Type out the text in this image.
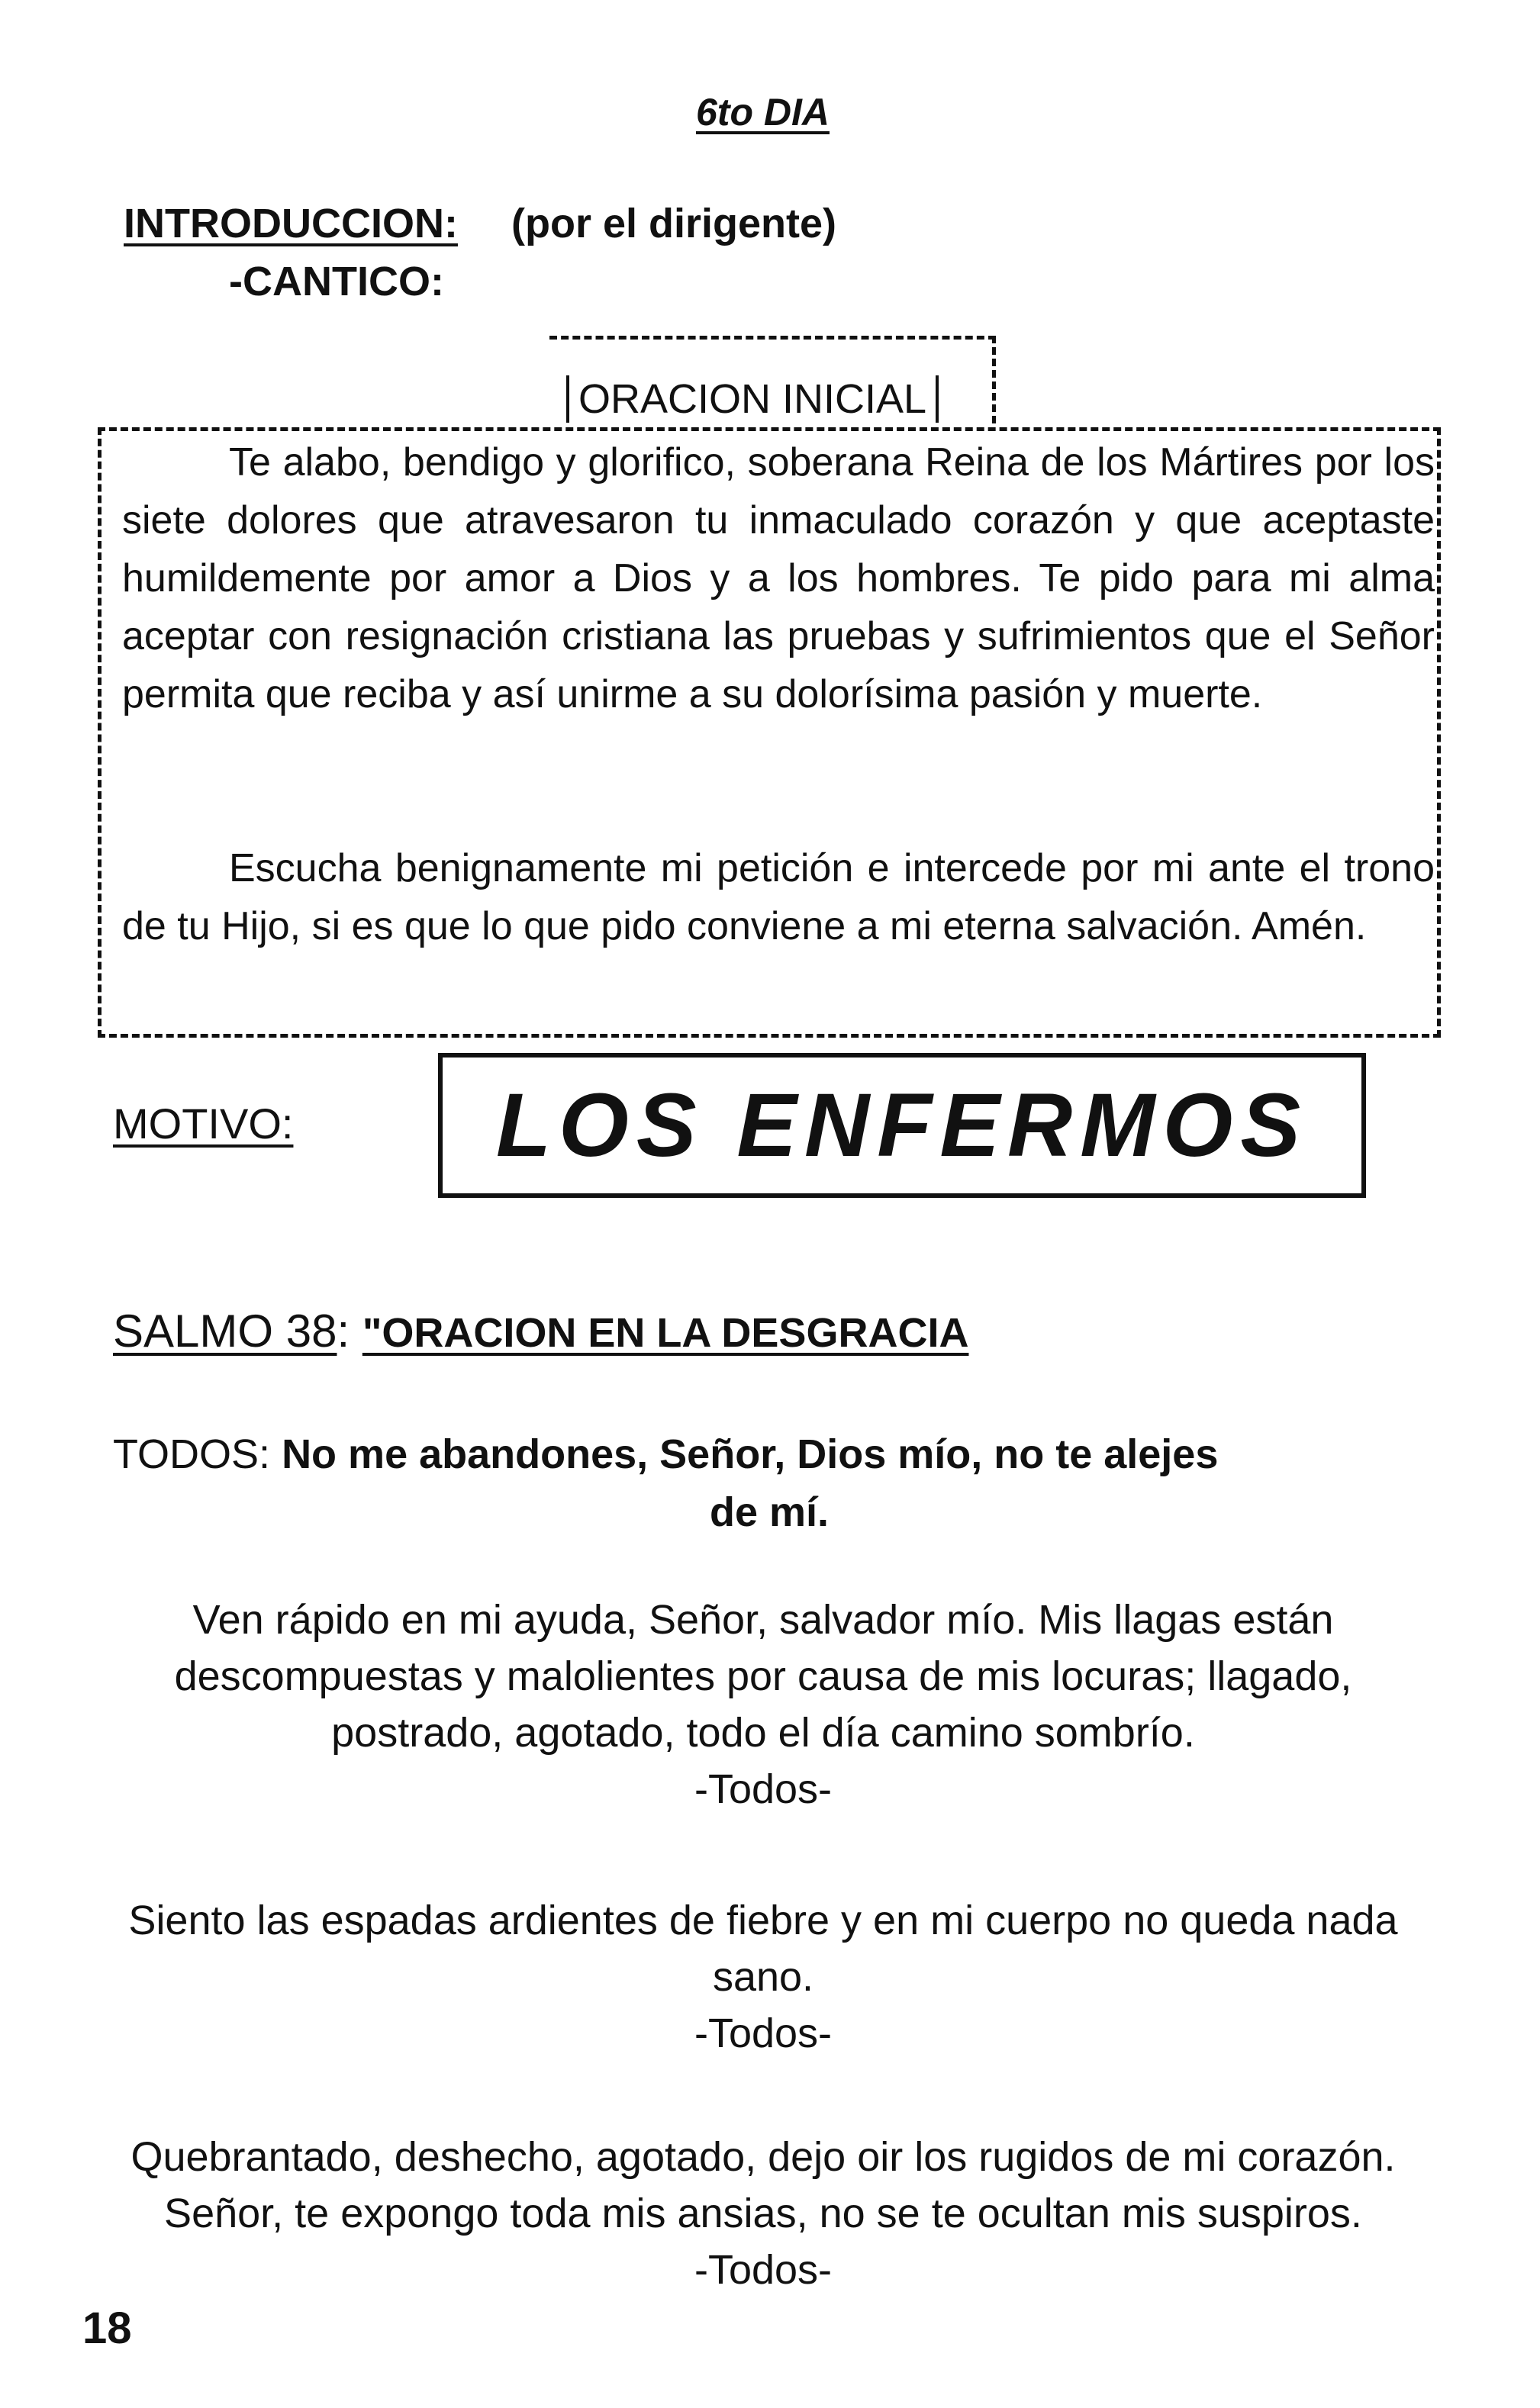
6to DIA
INTRODUCCION: (por el dirigente)
-CANTICO:
ORACION INICIAL
Te alabo, bendigo y glorifico, soberana Reina de los Mártires por los siete dolores que atravesaron tu inmaculado corazón y que aceptaste humildemente por amor a Dios y a los hombres. Te pido para mi alma aceptar con resignación cristiana las pruebas y sufrimientos que el Señor permita que reciba y así unirme a su dolorísima pasión y muerte.
Escucha benignamente mi petición e intercede por mi ante el trono de tu Hijo, si es que lo que pido conviene a mi eterna salvación. Amén.
MOTIVO: LOS ENFERMOS
SALMO 38: "ORACION EN LA DESGRACIA
TODOS: No me abandones, Señor, Dios mío, no te alejes
de mí.
Ven rápido en mi ayuda, Señor, salvador mío. Mis llagas están descompuestas y malolientes por causa de mis locuras; llagado, postrado, agotado, todo el día camino sombrío.
-Todos-
Siento las espadas ardientes de fiebre y en mi cuerpo no queda nada sano.
-Todos-
Quebrantado, deshecho, agotado, dejo oir los rugidos de mi corazón. Señor, te expongo toda mis ansias, no se te ocultan mis suspiros.
-Todos-
18
